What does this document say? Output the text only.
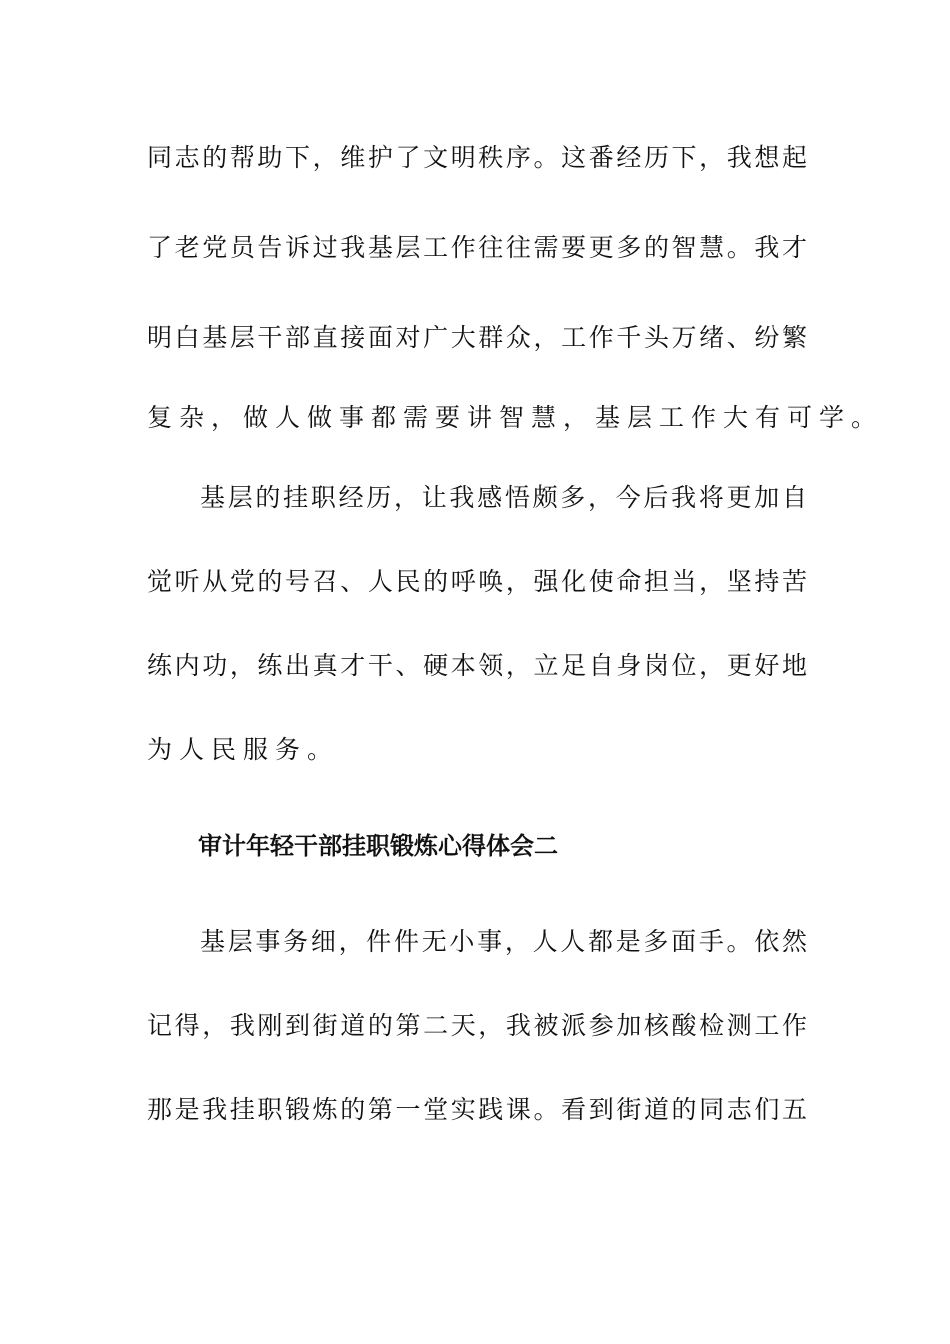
同志的帮助下，维护了文明秩序。这番经历下，我想起
了老党员告诉过我基层工作往往需要更多的智慧。我才
明白基层干部直接面对广大群众，工作千头万绪、纷繁
复杂，做人做事都需要讲智慧，基层工作大有可学。
基层的挂职经历，让我感悟颇多，今后我将更加自
觉听从党的号召、人民的呼唤，强化使命担当，坚持苦
练内功，练出真才干、硬本领，立足自身岗位，更好地
为人民服务。
审计年轻干部挂职锻炼心得体会二
基层事务细，件件无小事，人人都是多面手。依然
记得，我刚到街道的第二天，我被派参加核酸检测工作
那是我挂职锻炼的第一堂实践课。看到街道的同志们五
